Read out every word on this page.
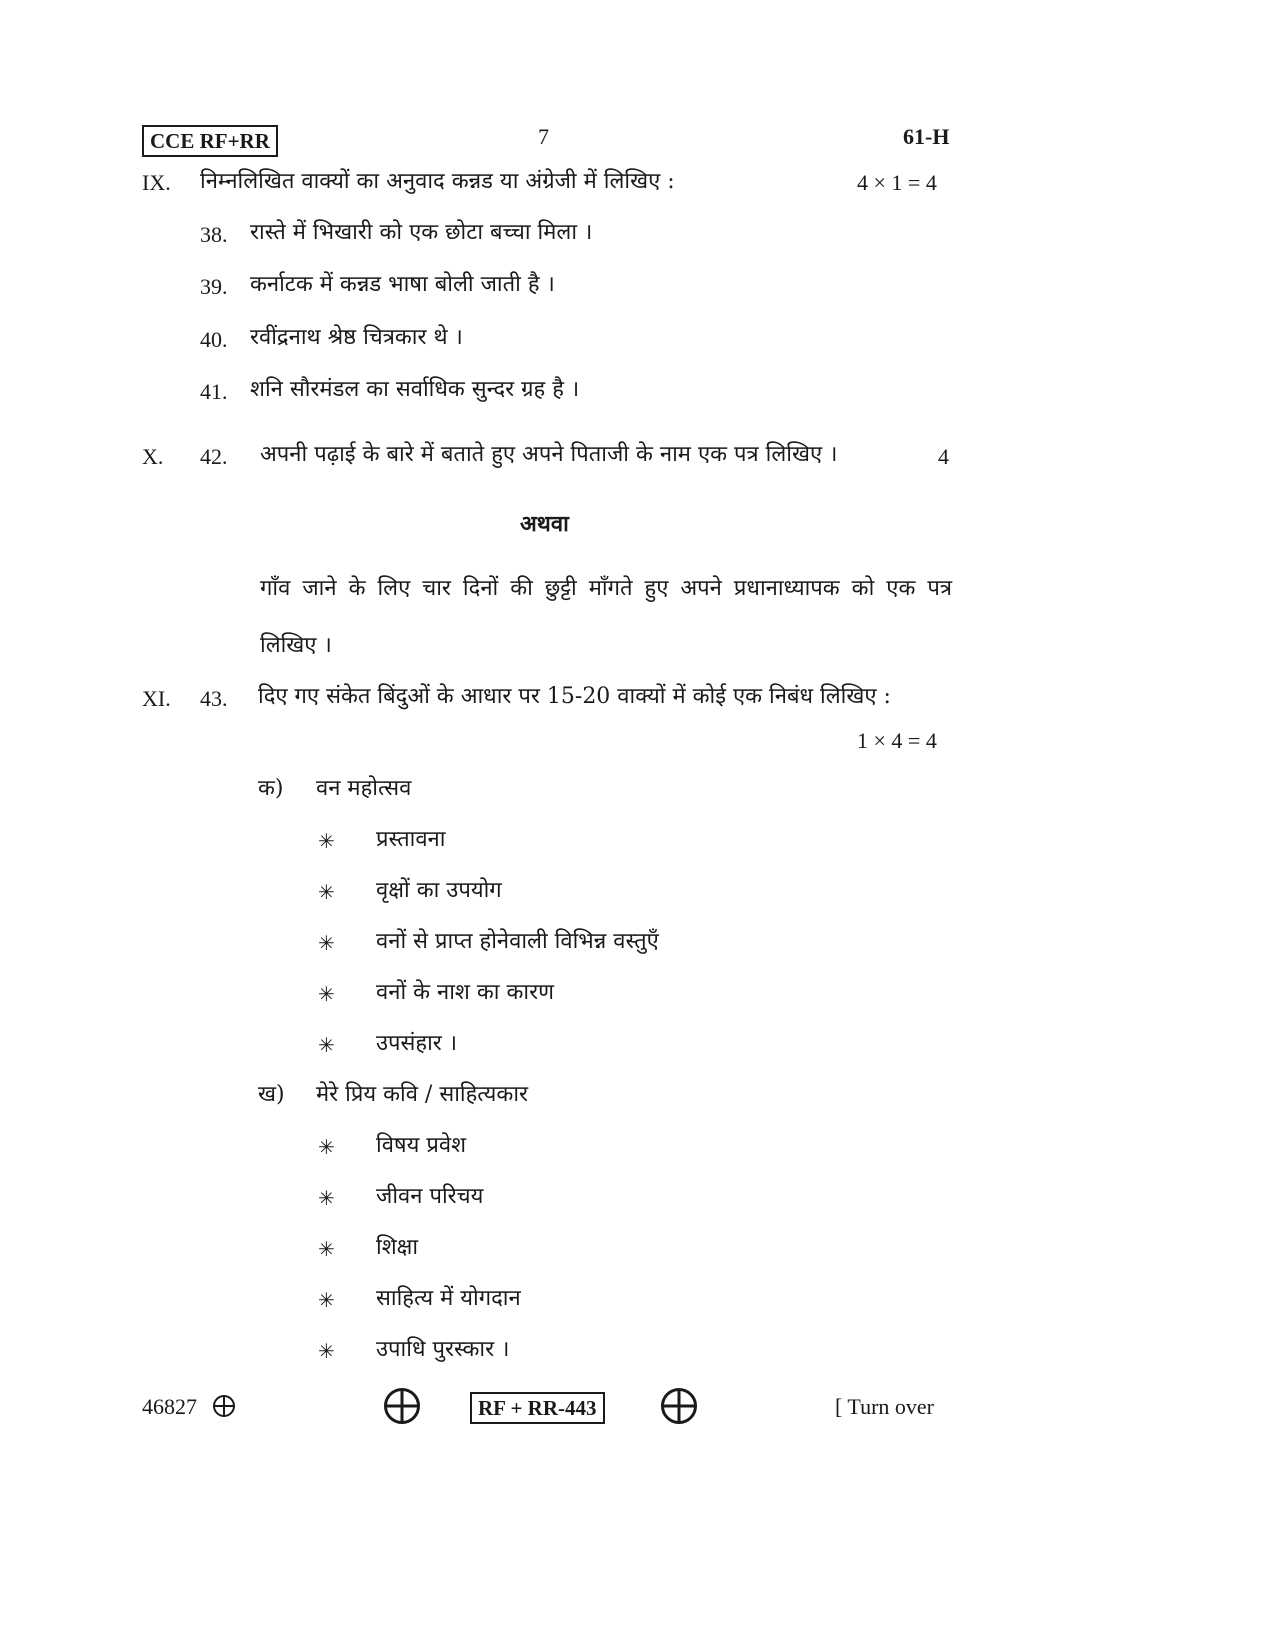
CCE RF+RR	7	61-H
IX. निम्नलिखित वाक्यों का अनुवाद कन्नड या अंग्रेजी में लिखिए :	4 × 1 = 4
38. रास्ते में भिखारी को एक छोटा बच्चा मिला ।
39. कर्नाटक में कन्नड भाषा बोली जाती है ।
40. रवींद्रनाथ श्रेष्ठ चित्रकार थे ।
41. शनि सौरमंडल का सर्वाधिक सुन्दर ग्रह है ।
X. 42. अपनी पढ़ाई के बारे में बताते हुए अपने पिताजी के नाम एक पत्र लिखिए ।	4
अथवा
गाँव जाने के लिए चार दिनों की छुट्टी माँगते हुए अपने प्रधानाध्यापक को एक पत्र
लिखिए ।
XI. 43. दिए गए संकेत बिंदुओं के आधार पर 15-20 वाक्यों में कोई एक निबंध लिखिए :
1 × 4 = 4
क) वन महोत्सव
✳ प्रस्तावना
✳ वृक्षों का उपयोग
✳ वनों से प्राप्त होनेवाली विभिन्न वस्तुएँ
✳ वनों के नाश का कारण
✳ उपसंहार ।
ख) मेरे प्रिय कवि / साहित्यकार
✳ विषय प्रवेश
✳ जीवन परिचय
✳ शिक्षा
✳ साहित्य में योगदान
✳ उपाधि पुरस्कार ।
46827	RF + RR-443	[ Turn over
